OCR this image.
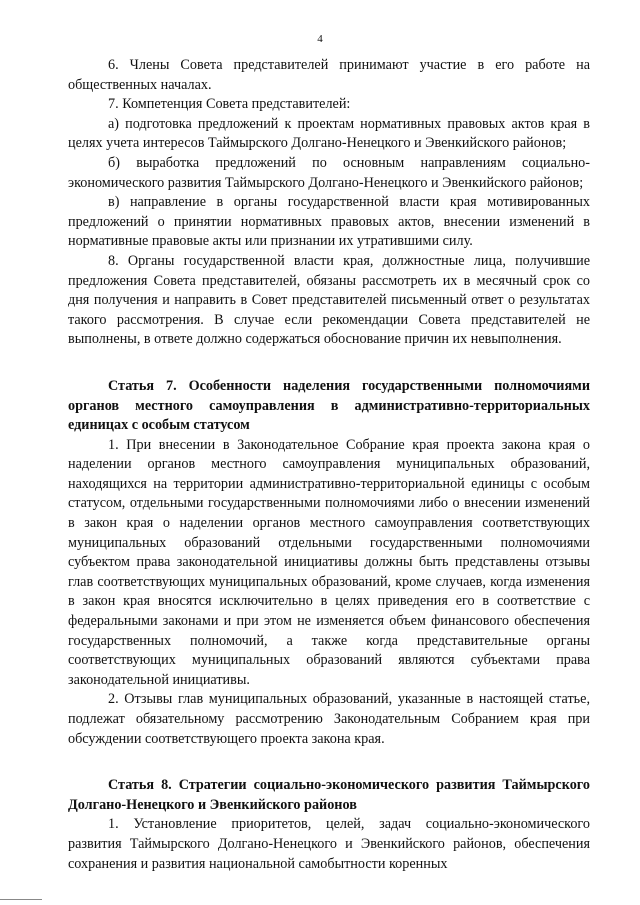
4

6. Члены Совета представителей принимают участие в его работе на общественных началах.

7. Компетенция Совета представителей:

а) подготовка предложений к проектам нормативных правовых актов края в целях учета интересов Таймырского Долгано-Ненецкого и Эвенкийского районов;

б) выработка предложений по основным направлениям социально-экономического развития Таймырского Долгано-Ненецкого и Эвенкийского районов;

в) направление в органы государственной власти края мотивированных предложений о принятии нормативных правовых актов, внесении изменений в нормативные правовые акты или признании их утратившими силу.

8. Органы государственной власти края, должностные лица, получившие предложения Совета представителей, обязаны рассмотреть их в месячный срок со дня получения и направить в Совет представителей письменный ответ о результатах такого рассмотрения. В случае если рекомендации Совета представителей не выполнены, в ответе должно содержаться обоснование причин их невыполнения.

Статья 7. Особенности наделения государственными полномочиями органов местного самоуправления в административно-территориальных единицах с особым статусом

1. При внесении в Законодательное Собрание края проекта закона края о наделении органов местного самоуправления муниципальных образований, находящихся на территории административно-территориальной единицы с особым статусом, отдельными государственными полномочиями либо о внесении изменений в закон края о наделении органов местного самоуправления соответствующих муниципальных образований отдельными государственными полномочиями субъектом права законодательной инициативы должны быть представлены отзывы глав соответствующих муниципальных образований, кроме случаев, когда изменения в закон края вносятся исключительно в целях приведения его в соответствие с федеральными законами и при этом не изменяется объем финансового обеспечения государственных полномочий, а также когда представительные органы соответствующих муниципальных образований являются субъектами права законодательной инициативы.

2. Отзывы глав муниципальных образований, указанные в настоящей статье, подлежат обязательному рассмотрению Законодательным Собранием края при обсуждении соответствующего проекта закона края.

Статья 8. Стратегии социально-экономического развития Таймырского Долгано-Ненецкого и Эвенкийского районов

1. Установление приоритетов, целей, задач социально-экономического развития Таймырского Долгано-Ненецкого и Эвенкийского районов, обеспечения сохранения и развития национальной самобытности коренных
